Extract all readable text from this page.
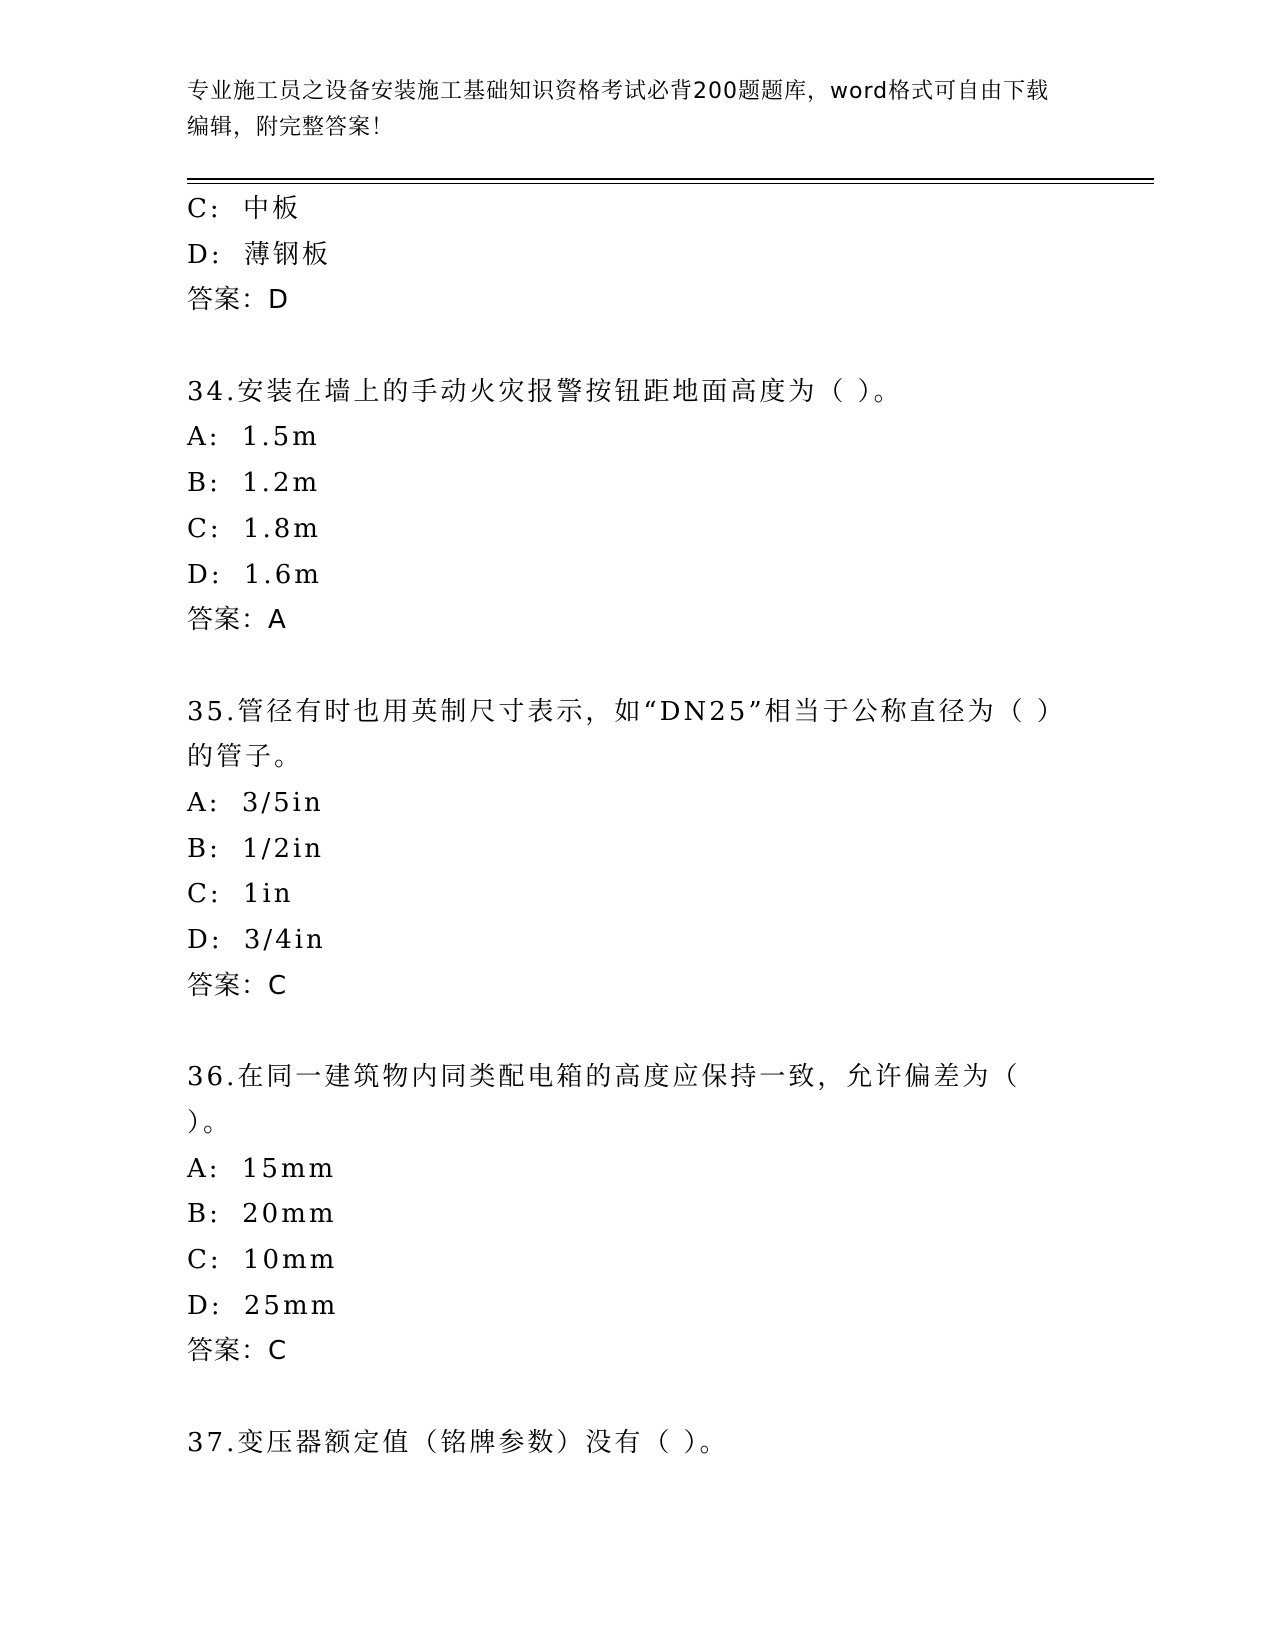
专业施工员之设备安装施工基础知识资格考试必背200题题库，word格式可自由下载编辑，附完整答案！
C: 中板
D: 薄钢板
答案：D
34.安装在墙上的手动火灾报警按钮距地面高度为（ ）。
A: 1.5m
B: 1.2m
C: 1.8m
D: 1.6m
答案：A
35.管径有时也用英制尺寸表示，如“DN25”相当于公称直径为（ ）的管子。
A: 3/5in
B: 1/2in
C: 1in
D: 3/4in
答案：C
36.在同一建筑物内同类配电箱的高度应保持一致，允许偏差为（ ）。
A: 15mm
B: 20mm
C: 10mm
D: 25mm
答案：C
37.变压器额定值（铭牌参数）没有（ ）。
